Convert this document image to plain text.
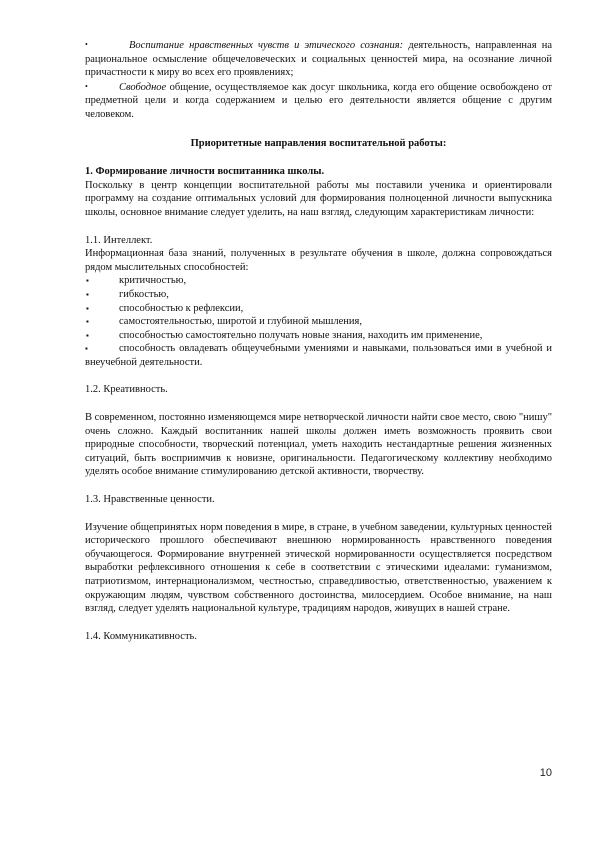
•	Воспитание нравственных чувств и этического сознания: деятельность, направленная на рациональное осмысление общечеловеческих и социальных ценностей мира, на осознание личной причастности к миру во всех его проявлениях;

•	Свободное общение, осуществляемое как досуг школьника, когда его общение освобождено от предметной цели и когда содержанием и целью его деятельности является общение с другим человеком.

Приоритетные направления воспитательной работы:

1. Формирование личности воспитанника школы.

Поскольку в центр концепции воспитательной работы мы поставили ученика и ориентировали программу на создание оптимальных условий для формирования полноценной личности выпускника школы, основное внимание следует уделить, на наш взгляд, следующим характеристикам личности:

1.1. Интеллект.

Информационная база знаний, полученных в результате обучения в школе, должна сопровождаться рядом мыслительных способностей:

▪	критичностью,
▪	гибкостью,
▪	способностью к рефлексии,
▪	самостоятельностью, широтой и глубиной мышления,
▪	способностью самостоятельно получать новые знания, находить им применение,

▪	способность овладевать общеучебными умениями и навыками, пользоваться ими в учебной и внеучебной деятельности.

1.2. Креативность.

В современном, постоянно изменяющемся мире нетворческой личности найти свое место, свою "нишу" очень сложно. Каждый воспитанник нашей школы должен иметь возможность проявить свои природные способности, творческий потенциал, уметь находить нестандартные решения жизненных ситуаций, быть восприимчив к новизне, оригинальности. Педагогическому коллективу необходимо уделять особое внимание стимулированию детской активности, творчеству.

1.3. Нравственные ценности.

Изучение общепринятых норм поведения в мире, в стране, в учебном заведении, культурных ценностей исторического прошлого обеспечивают внешнюю нормированность нравственного поведения обучающегося. Формирование внутренней этической нормированности осуществляется посредством выработки рефлексивного отношения к себе в соответствии с этическими идеалами: гуманизмом, патриотизмом, интернационализмом, честностью, справедливостью, ответственностью, уважением к окружающим людям, чувством собственного достоинства, милосердием. Особое внимание, на наш взгляд, следует уделять национальной культуре, традициям народов, живущих в нашей стране.

1.4. Коммуникативность.

10
